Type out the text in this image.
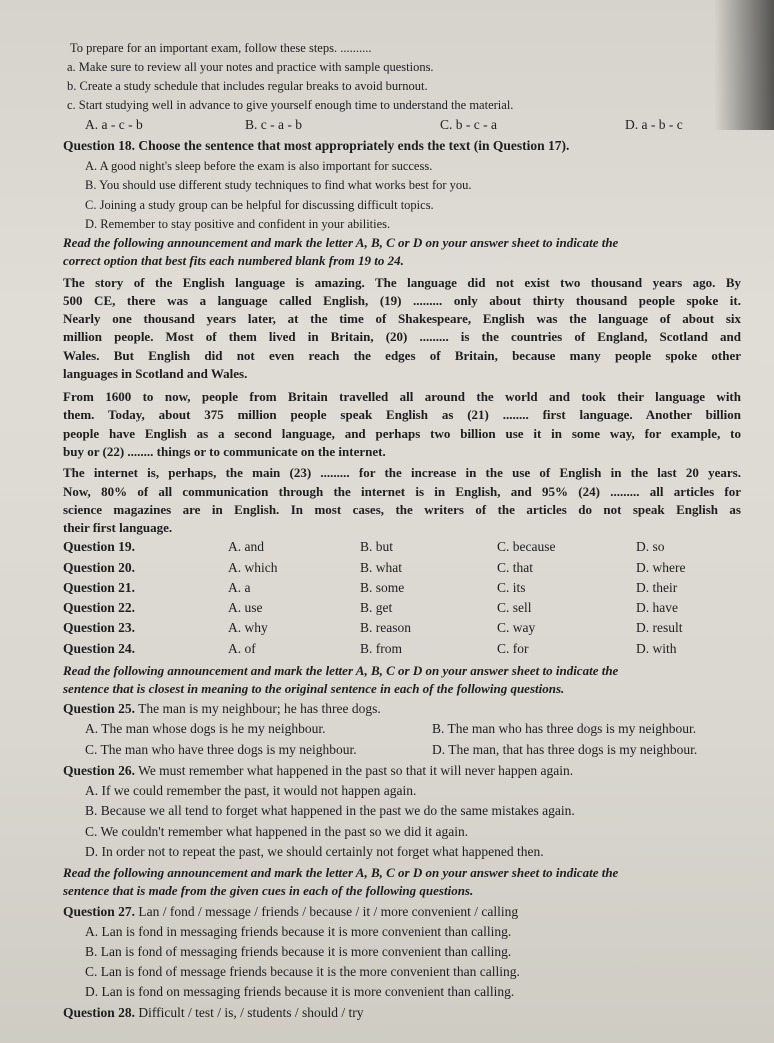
To prepare for an important exam, follow these steps. ..........
a. Make sure to review all your notes and practice with sample questions.
b. Create a study schedule that includes regular breaks to avoid burnout.
c. Start studying well in advance to give yourself enough time to understand the material.
A. a - c - b	B. c - a - b	C. b - c - a	D. a - b - c
Question 18. Choose the sentence that most appropriately ends the text (in Question 17).
A. A good night's sleep before the exam is also important for success.
B. You should use different study techniques to find what works best for you.
C. Joining a study group can be helpful for discussing difficult topics.
D. Remember to stay positive and confident in your abilities.
Read the following announcement and mark the letter A, B, C or D on your answer sheet to indicate the
correct option that best fits each numbered blank from 19 to 24.
The story of the English language is amazing. The language did not exist two thousand years ago. By
500 CE, there was a language called English, (19) ......... only about thirty thousand people spoke it.
Nearly one thousand years later, at the time of Shakespeare, English was the language of about six
million people. Most of them lived in Britain, (20) ......... is the countries of England, Scotland and
Wales. But English did not even reach the edges of Britain, because many people spoke other
languages in Scotland and Wales.
From 1600 to now, people from Britain travelled all around the world and took their language with
them. Today, about 375 million people speak English as (21) ........ first language. Another billion
people have English as a second language, and perhaps two billion use it in some way, for example, to
buy or (22) ........ things or to communicate on the internet.
The internet is, perhaps, the main (23) ......... for the increase in the use of English in the last 20 years.
Now, 80% of all communication through the internet is in English, and 95% (24) ......... all articles for
science magazines are in English. In most cases, the writers of the articles do not speak English as
their first language.
Question 19.	A. and	B. but	C. because	D. so
Question 20.	A. which	B. what	C. that	D. where
Question 21.	A. a	B. some	C. its	D. their
Question 22.	A. use	B. get	C. sell	D. have
Question 23.	A. why	B. reason	C. way	D. result
Question 24.	A. of	B. from	C. for	D. with
Read the following announcement and mark the letter A, B, C or D on your answer sheet to indicate the
sentence that is closest in meaning to the original sentence in each of the following questions.
Question 25. The man is my neighbour; he has three dogs.
A. The man whose dogs is he my neighbour.	B. The man who has three dogs is my neighbour.
C. The man who have three dogs is my neighbour.	D. The man, that has three dogs is my neighbour.
Question 26. We must remember what happened in the past so that it will never happen again.
A. If we could remember the past, it would not happen again.
B. Because we all tend to forget what happened in the past we do the same mistakes again.
C. We couldn't remember what happened in the past so we did it again.
D. In order not to repeat the past, we should certainly not forget what happened then.
Read the following announcement and mark the letter A, B, C or D on your answer sheet to indicate the
sentence that is made from the given cues in each of the following questions.
Question 27. Lan / fond / message / friends / because / it / more convenient / calling
A. Lan is fond in messaging friends because it is more convenient than calling.
B. Lan is fond of messaging friends because it is more convenient than calling.
C. Lan is fond of message friends because it is the more convenient than calling.
D. Lan is fond on messaging friends because it is more convenient than calling.
Question 28. Difficult / test / is, / students / should / try
